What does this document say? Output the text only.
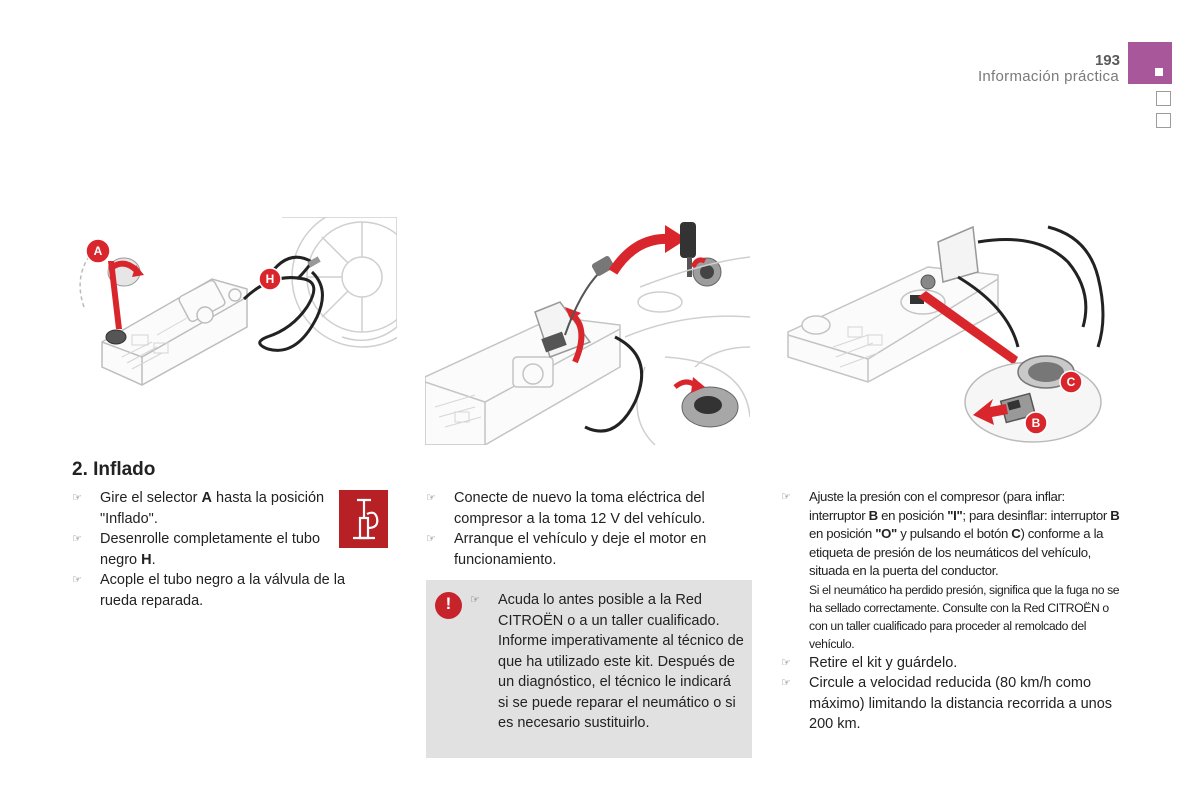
193
Información práctica
A
H
C
B
2. Inflado
☞	Gire el selector A hasta la posición "Inflado".
☞	Desenrolle completamente el tubo negro H.
☞	Acople el tubo negro a la válvula de la rueda reparada.
☞	Conecte de nuevo la toma eléctrica del compresor a la toma 12 V del vehículo.
☞	Arranque el vehículo y deje el motor en funcionamiento.
!	☞	Acuda lo antes posible a la Red CITROËN o a un taller cualificado. Informe imperativamente al técnico de que ha utilizado este kit. Después de un diagnóstico, el técnico le indicará si se puede reparar el neumático o si es necesario sustituirlo.
☞	Ajuste la presión con el compresor (para inflar: interruptor B en posición "I"; para desinflar: interruptor B en posición "O" y pulsando el botón C) conforme a la etiqueta de presión de los neumáticos del vehículo, situada en la puerta del conductor.
Si el neumático ha perdido presión, significa que la fuga no se ha sellado correctamente. Consulte con la Red CITROËN o con un taller cualificado para proceder al remolcado del vehículo.
☞	Retire el kit y guárdelo.
☞	Circule a velocidad reducida (80 km/h como máximo) limitando la distancia recorrida a unos 200 km.
